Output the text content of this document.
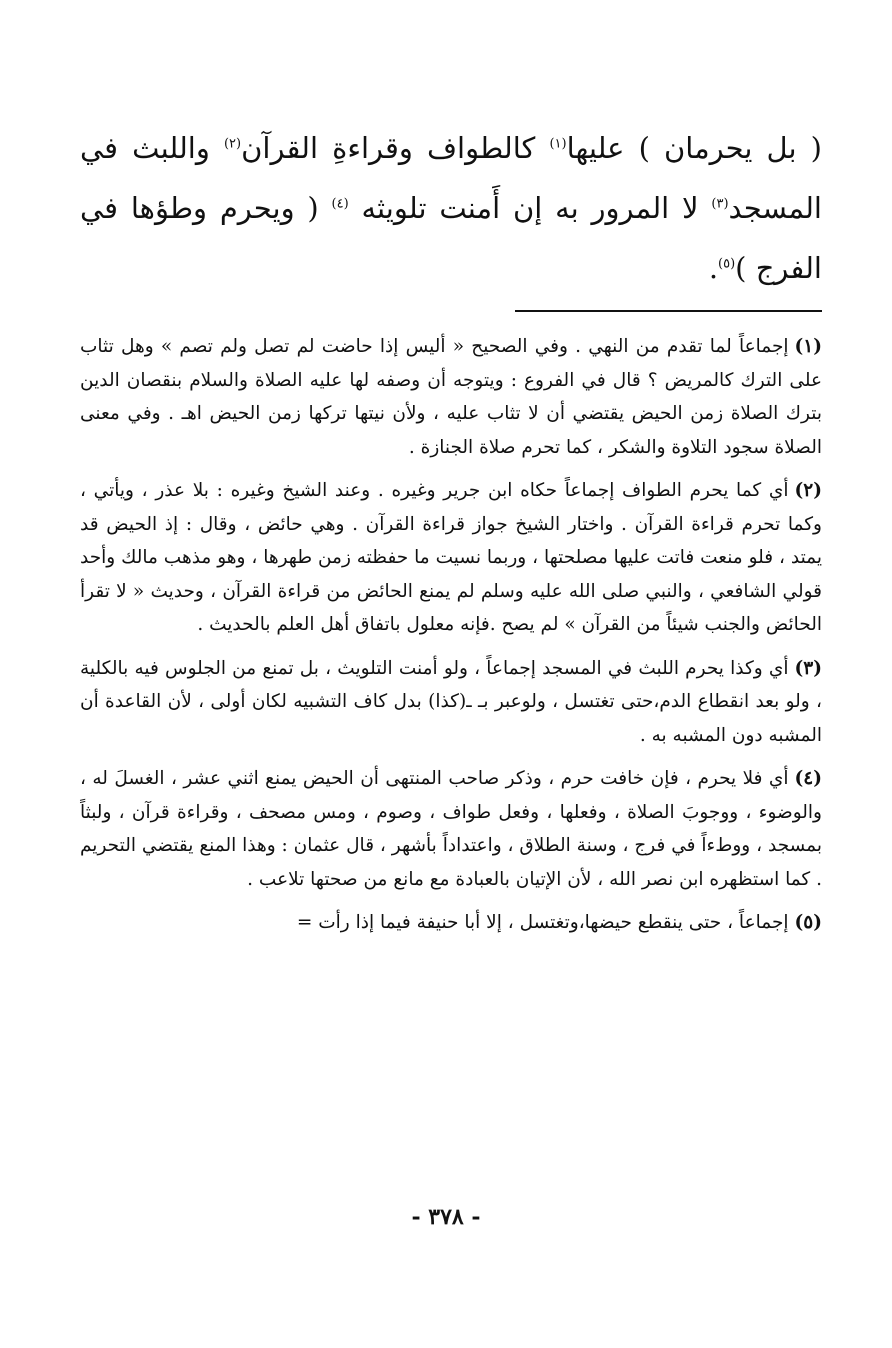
( بل يحرمان ) عليها$^{(١)}$ كالطواف وقراءةِ القرآن$^{(٢)}$ واللبث في المسجد$^{(٣)}$ لا المرور به إن أَمنت تلويثه $^{(٤)}$ ( ويحرم وطؤها في الفرج )$^{(٥)}$.

(١)إجماعاً لما تقدم من النهي . وفي الصحيح « أليس إذا حاضت لم تصل ولم تصم » وهل تثاب على الترك كالمريض ؟ قال في الفروع : ويتوجه أن وصفه لها عليه الصلاة والسلام بنقصان الدين بترك الصلاة زمن الحيض يقتضي أن لا تثاب عليه ، ولأن نيتها تركها زمن الحيض اهـ . وفي معنى الصلاة سجود التلاوة والشكر ، كما تحرم صلاة الجنازة .

(٢)أي كما يحرم الطواف إجماعاً حكاه ابن جرير وغيره . وعند الشيخ وغيره : بلا عذر ، ويأتي ، وكما تحرم قراءة القرآن . واختار الشيخ جواز قراءة القرآن . وهي حائض ، وقال : إذ الحيض قد يمتد ، فلو منعت فاتت عليها مصلحتها ، وربما نسيت ما حفظته زمن طهرها ، وهو مذهب مالك وأحد قولي الشافعي ، والنبي صلى الله عليه وسلم لم يمنع الحائض من قراءة القرآن ، وحديث « لا تقرأ الحائض والجنب شيئاً من القرآن » لم يصح .فإنه معلول باتفاق أهل العلم بالحديث .

(٣)أي وكذا يحرم اللبث في المسجد إجماعاً ، ولو أمنت التلويث ، بل تمنع من الجلوس فيه بالكلية ، ولو بعد انقطاع الدم،حتى تغتسل ، ولوعبر بـ ـ(كذا) بدل كاف التشبيه لكان أولى ، لأن القاعدة أن المشبه دون المشبه به .

(٤)أي فلا يحرم ، فإن خافت حرم ، وذكر صاحب المنتهى أن الحيض يمنع اثني عشر ، الغسلَ له ، والوضوء ، ووجوبَ الصلاة ، وفعلها ، وفعل طواف ، وصوم ، ومس مصحف ، وقراءة قرآن ، ولبثاً بمسجد ، ووطءاً في فرج ، وسنة الطلاق ، واعتداداً بأشهر ، قال عثمان : وهذا المنع يقتضي التحريم . كما استظهره ابن نصر الله ، لأن الإتيان بالعبادة مع مانع من صحتها تلاعب .

(٥)إجماعاً ، حتى ينقطع حيضها،وتغتسل ، إلا أبا حنيفة فيما إذا رأت =

- ٣٧٨ -
